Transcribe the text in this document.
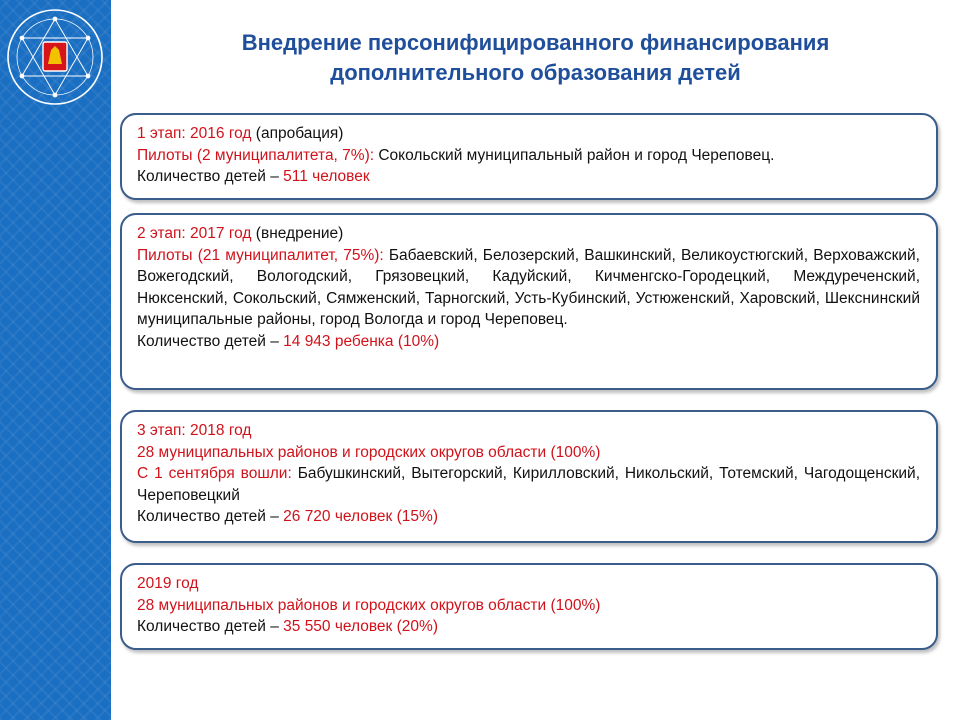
Внедрение персонифицированного финансирования
дополнительного образования детей

1 этап: 2016 год (апробация)

Пилоты (2 муниципалитета, 7%): Сокольский муниципальный район и город Череповец.

Количество детей – 511 человек

2 этап: 2017 год (внедрение)

Пилоты (21 муниципалитет, 75%): Бабаевский, Белозерский, Вашкинский, Великоустюгский, Верховажский, Вожегодский, Вологодский, Грязовецкий, Кадуйский, Кичменгско-Городецкий, Междуреченский, Нюксенский, Сокольский, Сямженский, Тарногский, Усть-Кубинский, Устюженский, Харовский, Шекснинский муниципальные районы, город Вологда и город Череповец.

Количество детей – 14 943 ребенка (10%)

3 этап: 2018 год

28 муниципальных районов и городских округов области (100%)

С 1 сентября вошли: Бабушкинский, Вытегорский, Кирилловский, Никольский, Тотемский, Чагодощенский, Череповецкий

Количество детей – 26 720 человек (15%)

2019 год

28 муниципальных районов и городских округов области (100%)

Количество детей – 35 550 человек (20%)
